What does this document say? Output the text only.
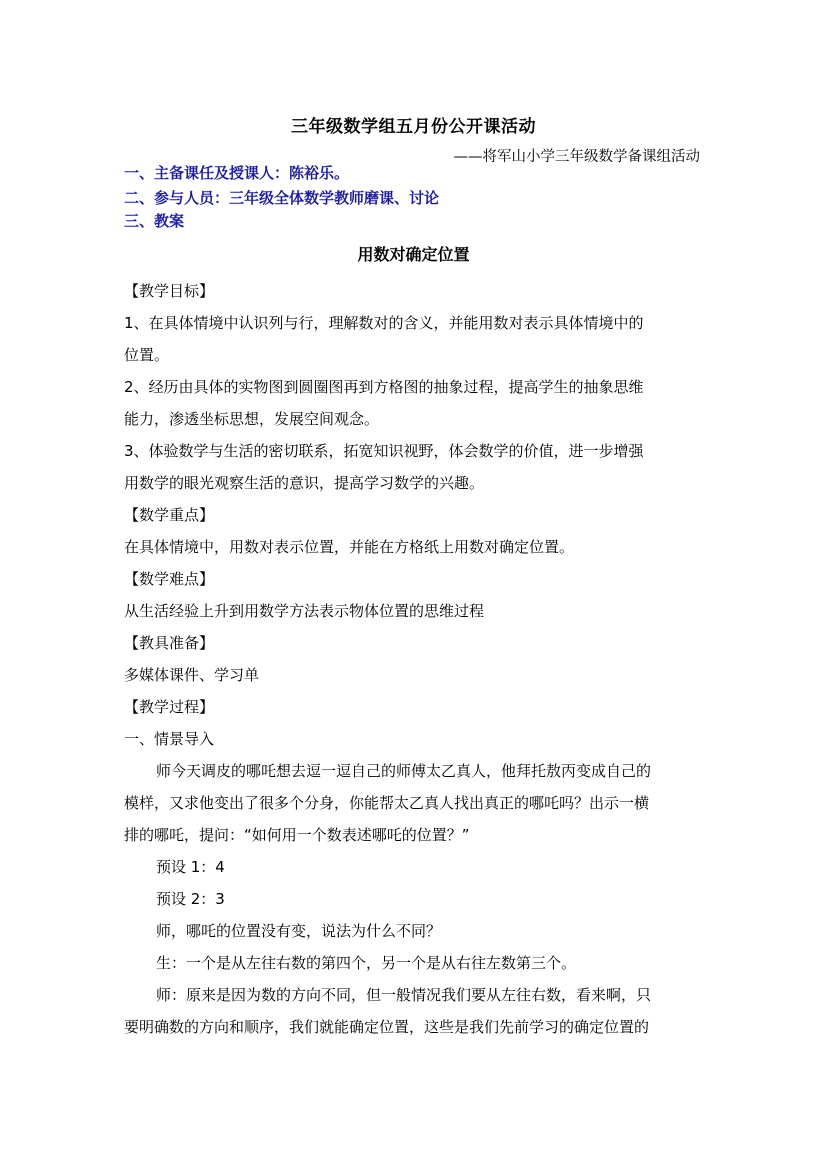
三年级数学组五月份公开课活动
——将军山小学三年级数学备课组活动
一、主备课任及授课人：陈裕乐。
二、参与人员：三年级全体数学教师磨课、讨论
三、教案
用数对确定位置
【教学目标】
1、在具体情境中认识列与行，理解数对的含义，并能用数对表示具体情境中的
位置。
2、经历由具体的实物图到圆圈图再到方格图的抽象过程，提高学生的抽象思维
能力，渗透坐标思想，发展空间观念。
3、体验数学与生活的密切联系，拓宽知识视野，体会数学的价值，进一步增强
用数学的眼光观察生活的意识，提高学习数学的兴趣。
【数学重点】
在具体情境中，用数对表示位置，并能在方格纸上用数对确定位置。
【数学难点】
从生活经验上升到用数学方法表示物体位置的思维过程
【教具准备】
多媒体课件、学习单
【教学过程】
一、情景导入
师今天调皮的哪吒想去逗一逗自己的师傅太乙真人，他拜托敖丙变成自己的
模样，又求他变出了很多个分身，你能帮太乙真人找出真正的哪吒吗？出示一横
排的哪吒，提问：“如何用一个数表述哪吒的位置？”
预设 1：4
预设 2：3
师，哪吒的位置没有变，说法为什么不同？
生：一个是从左往右数的第四个，另一个是从右往左数第三个。
师：原来是因为数的方向不同，但一般情况我们要从左往右数，看来啊，只
要明确数的方向和顺序，我们就能确定位置，这些是我们先前学习的确定位置的
